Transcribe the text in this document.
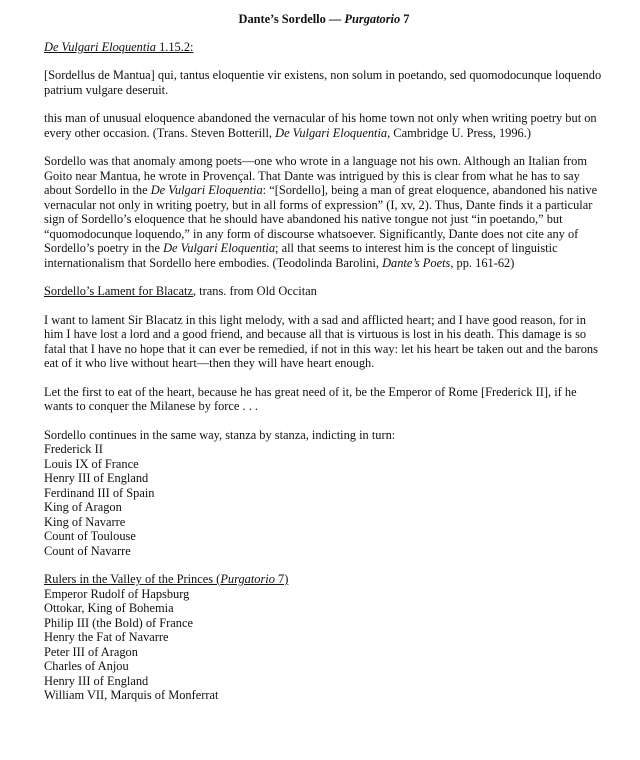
Dante’s Sordello — Purgatorio 7
De Vulgari Eloquentia 1.15.2:

[Sordellus de Mantua] qui, tantus eloquentie vir existens, non solum in poetando, sed quomodocunque loquendo patrium vulgare deseruit.

this man of unusual eloquence abandoned the vernacular of his home town not only when writing poetry but on every other occasion. (Trans. Steven Botterill, De Vulgari Eloquentia, Cambridge U. Press, 1996.)

Sordello was that anomaly among poets—one who wrote in a language not his own. Although an Italian from Goito near Mantua, he wrote in Provençal. That Dante was intrigued by this is clear from what he has to say about Sordello in the De Vulgari Eloquentia: “[Sordello], being a man of great eloquence, abandoned his native vernacular not only in writing poetry, but in all forms of expression” (I, xv, 2). Thus, Dante finds it a particular sign of Sordello’s eloquence that he should have abandoned his native tongue not just “in poetando,” but “quomodocunque loquendo,” in any form of discourse whatsoever. Significantly, Dante does not cite any of Sordello’s poetry in the De Vulgari Eloquentia; all that seems to interest him is the concept of linguistic internationalism that Sordello here embodies. (Teodolinda Barolini, Dante’s Poets, pp. 161-62)

Sordello’s Lament for Blacatz, trans. from Old Occitan

I want to lament Sir Blacatz in this light melody, with a sad and afflicted heart; and I have good reason, for in him I have lost a lord and a good friend, and because all that is virtuous is lost in his death. This damage is so fatal that I have no hope that it can ever be remedied, if not in this way: let his heart be taken out and the barons eat of it who live without heart—then they will have heart enough.

Let the first to eat of the heart, because he has great need of it, be the Emperor of Rome [Frederick II], if he wants to conquer the Milanese by force . . .

Sordello continues in the same way, stanza by stanza, indicting in turn:
Frederick II
Louis IX of France
Henry III of England
Ferdinand III of Spain
King of Aragon
King of Navarre
Count of Toulouse
Count of Navarre
Rulers in the Valley of the Princes (Purgatorio 7)
Emperor Rudolf of Hapsburg
Ottokar, King of Bohemia
Philip III (the Bold) of France
Henry the Fat of Navarre
Peter III of Aragon
Charles of Anjou
Henry III of England
William VII, Marquis of Monferrat
